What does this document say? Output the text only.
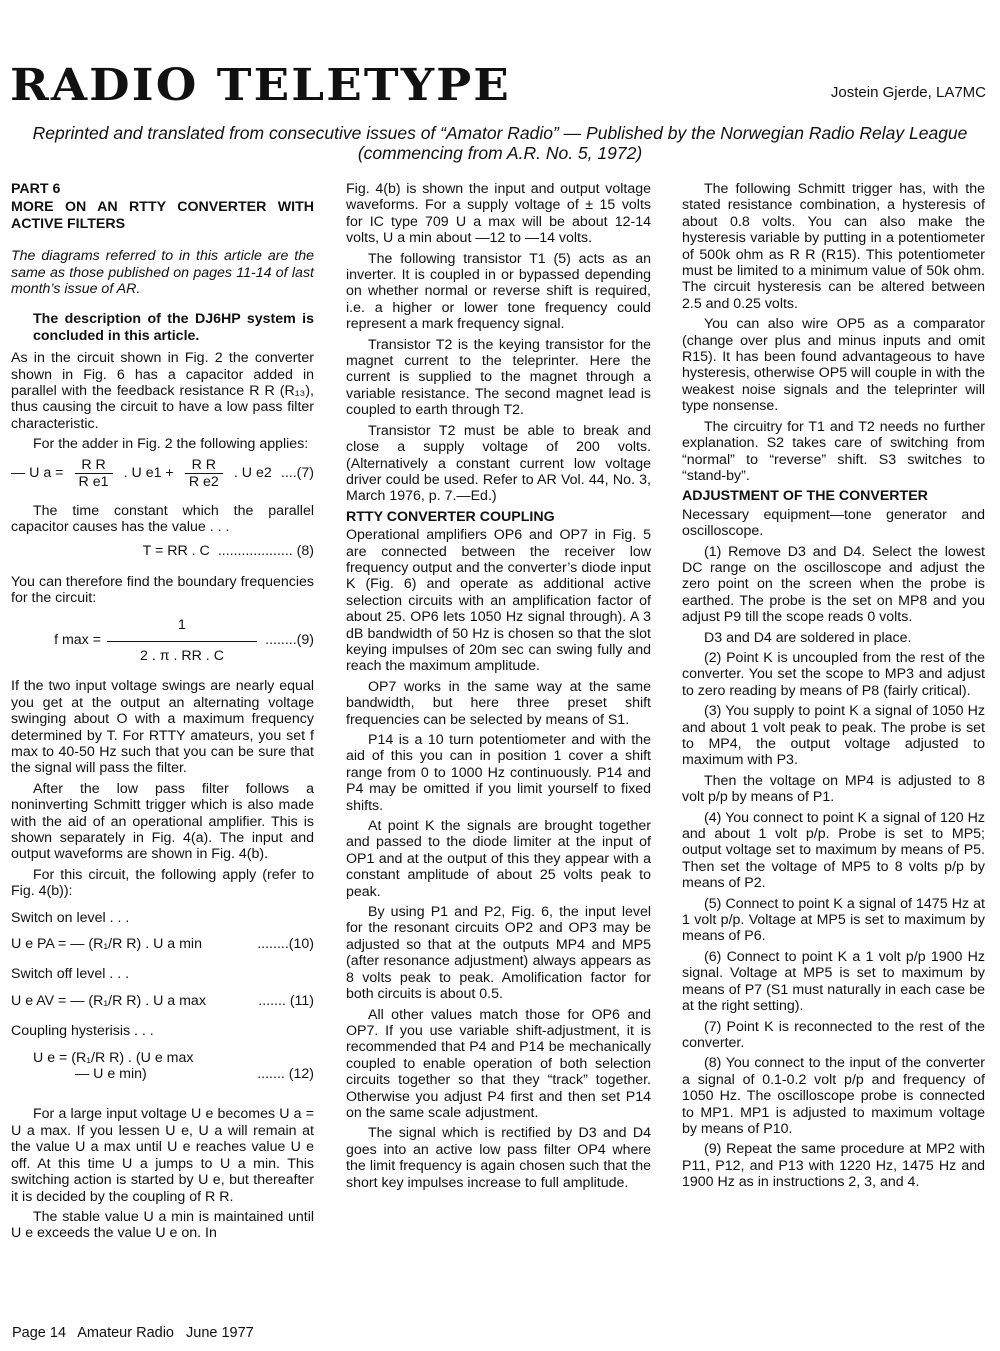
RADIO TELETYPE	Jostein Gjerde, LA7MC
Reprinted and translated from consecutive issues of “Amator Radio” — Published by the Norwegian Radio Relay League (commencing from A.R. No. 5, 1972)
PART 6
MORE ON AN RTTY CONVERTER WITH ACTIVE FILTERS

The diagrams referred to in this article are the same as those published on pages 11-14 of last month’s issue of AR.

The description of the DJ6HP system is concluded in this article.

As in the circuit shown in Fig. 2 the converter shown in Fig. 6 has a capacitor added in parallel with the feedback resistance R R (R₁₃), thus causing the circuit to have a low pass filter characteristic.

For the adder in Fig. 2 the following applies:

— U $a = \frac{\text{R R}}{\text{R e1}}$ . U $e1 + \frac{\text{R R}}{\text{R e2}}$ . U e2 ....(7)

The time constant which the parallel capacitor causes has the value . . .

T = RR . C ................... (8)

You can therefore find the boundary frequencies for the circuit:

f $\max = \frac{1}{2 . \pi . RR . C} ........(9)$

If the two input voltage swings are nearly equal you get at the output an alternating voltage swinging about O with a maximum frequency determined by T. For RTTY amateurs, you set f max to 40-50 Hz such that you can be sure that the signal will pass the filter.

After the low pass filter follows a noninverting Schmitt trigger which is also made with the aid of an operational amplifier. This is shown separately in Fig. 4(a). The input and output waveforms are shown in Fig. 4(b).

For this circuit, the following apply (refer to Fig. 4(b)):

Switch on level . . .

U e PA = — (R₁/R R) . U a min	........(10)

Switch off level . . .

U e AV = — (R₁/R R) . U a max	....... (11)

Coupling hysterisis . . .

U e = (R₁/R R) . (U e max
— U e min)	....... (12)

For a large input voltage U e becomes U a = U a max. If you lessen U e, U a will remain at the value U a max until U e reaches value U e off. At this time U a jumps to U a min. This switching action is started by U e, but thereafter it is decided by the coupling of R R.

The stable value U a min is maintained until U e exceeds the value U e on. In

Fig. 4(b) is shown the input and output voltage waveforms. For a supply voltage of ± 15 volts for IC type 709 U a max will be about 12-14 volts, U a min about —12 to —14 volts.

The following transistor T1 (5) acts as an inverter. It is coupled in or bypassed depending on whether normal or reverse shift is required, i.e. a higher or lower tone frequency could represent a mark frequency signal.

Transistor T2 is the keying transistor for the magnet current to the teleprinter. Here the current is supplied to the magnet through a variable resistance. The second magnet lead is coupled to earth through T2.

Transistor T2 must be able to break and close a supply voltage of 200 volts. (Alternatively a constant current low voltage driver could be used. Refer to AR Vol. 44, No. 3, March 1976, p. 7.—Ed.)

RTTY CONVERTER COUPLING

Operational amplifiers OP6 and OP7 in Fig. 5 are connected between the receiver low frequency output and the converter’s diode input K (Fig. 6) and operate as additional active selection circuits with an amplification factor of about 25. OP6 lets 1050 Hz signal through). A 3 dB bandwidth of 50 Hz is chosen so that the slot keying impulses of 20m sec can swing fully and reach the maximum amplitude.

OP7 works in the same way at the same bandwidth, but here three preset shift frequencies can be selected by means of S1.

P14 is a 10 turn potentiometer and with the aid of this you can in position 1 cover a shift range from 0 to 1000 Hz continuously. P14 and P4 may be omitted if you limit yourself to fixed shifts.

At point K the signals are brought together and passed to the diode limiter at the input of OP1 and at the output of this they appear with a constant amplitude of about 25 volts peak to peak.

By using P1 and P2, Fig. 6, the input level for the resonant circuits OP2 and OP3 may be adjusted so that at the outputs MP4 and MP5 (after resonance adjustment) always appears as 8 volts peak to peak. Amolification factor for both circuits is about 0.5.

All other values match those for OP6 and OP7. If you use variable shift-adjustment, it is recommended that P4 and P14 be mechanically coupled to enable operation of both selection circuits together so that they “track” together. Otherwise you adjust P4 first and then set P14 on the same scale adjustment.

The signal which is rectified by D3 and D4 goes into an active low pass filter OP4 where the limit frequency is again chosen such that the short key impulses increase to full amplitude.

The following Schmitt trigger has, with the stated resistance combination, a hysteresis of about 0.8 volts. You can also make the hysteresis variable by putting in a potentiometer of 500k ohm as R R (R15). This potentiometer must be limited to a minimum value of 50k ohm. The circuit hysteresis can be altered between 2.5 and 0.25 volts.

You can also wire OP5 as a comparator (change over plus and minus inputs and omit R15). It has been found advantageous to have hysteresis, otherwise OP5 will couple in with the weakest noise signals and the teleprinter will type nonsense.

The circuitry for T1 and T2 needs no further explanation. S2 takes care of switching from “normal” to “reverse” shift. S3 switches to “stand-by”.

ADJUSTMENT OF THE CONVERTER

Necessary equipment—tone generator and oscilloscope.

(1) Remove D3 and D4. Select the lowest DC range on the oscilloscope and adjust the zero point on the screen when the probe is earthed. The probe is the set on MP8 and you adjust P9 till the scope reads 0 volts.

D3 and D4 are soldered in place.

(2) Point K is uncoupled from the rest of the converter. You set the scope to MP3 and adjust to zero reading by means of P8 (fairly critical).

(3) You supply to point K a signal of 1050 Hz and about 1 volt peak to peak. The probe is set to MP4, the output voltage adjusted to maximum with P3.

Then the voltage on MP4 is adjusted to 8 volt p/p by means of P1.

(4) You connect to point K a signal of 120 Hz and about 1 volt p/p. Probe is set to MP5; output voltage set to maximum by means of P5. Then set the voltage of MP5 to 8 volts p/p by means of P2.

(5) Connect to point K a signal of 1475 Hz at 1 volt p/p. Voltage at MP5 is set to maximum by means of P6.

(6) Connect to point K a 1 volt p/p 1900 Hz signal. Voltage at MP5 is set to maximum by means of P7 (S1 must naturally in each case be at the right setting).

(7) Point K is reconnected to the rest of the converter.

(8) You connect to the input of the converter a signal of 0.1-0.2 volt p/p and frequency of 1050 Hz. The oscilloscope probe is connected to MP1. MP1 is adjusted to maximum voltage by means of P10.

(9) Repeat the same procedure at MP2 with P11, P12, and P13 with 1220 Hz, 1475 Hz and 1900 Hz as in instructions 2, 3, and 4.

Page 14 Amateur Radio June 1977
